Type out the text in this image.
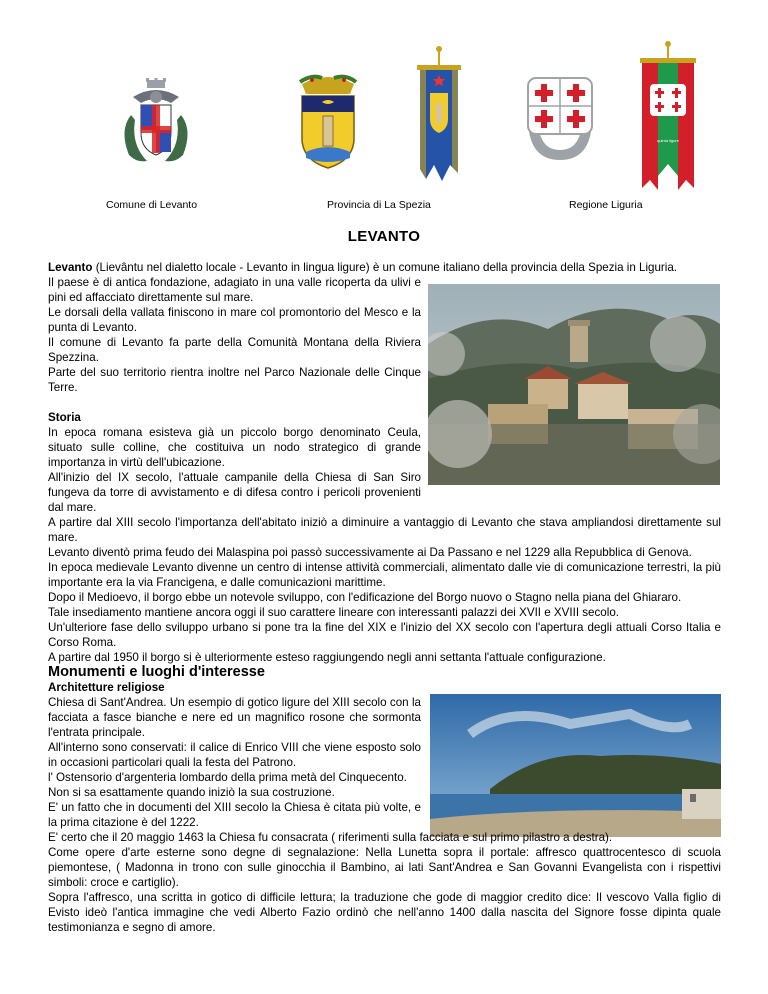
quinta ligure
Comune di Levanto	Provincia di La Spezia	Regione Liguria
LEVANTO

Levanto (Lievântu nel dialetto locale - Levanto in lingua ligure) è un comune italiano della provincia della Spezia in Liguria.

Il paese è di antica fondazione, adagiato in una valle ricoperta da ulivi e pini ed affacciato direttamente sul mare.

Le dorsali della vallata finiscono in mare col promontorio del Mesco e la punta di Levanto.

Il comune di Levanto fa parte della Comunità Montana della Riviera Spezzina.

Parte del suo territorio rientra inoltre nel Parco Nazionale delle Cinque Terre.

Storia

In epoca romana esisteva già un piccolo borgo denominato Ceula, situato sulle colline, che costituiva un nodo strategico di grande importanza in virtù dell'ubicazione.

All'inizio del IX secolo, l'attuale campanile della Chiesa di San Siro fungeva da torre di avvistamento e di difesa contro i pericoli provenienti dal mare.

A partire dal XIII secolo l'importanza dell'abitato iniziò a diminuire a vantaggio di Levanto che stava ampliandosi direttamente sul mare.

Levanto diventò prima feudo dei Malaspina poi passò successivamente ai Da Passano e nel 1229 alla Repubblica di Genova.

In epoca medievale Levanto divenne un centro di intense attività commerciali, alimentato dalle vie di comunicazione terrestri, la più importante era la via Francigena, e dalle comunicazioni marittime.

Dopo il Medioevo, il borgo ebbe un notevole sviluppo, con l'edificazione del Borgo nuovo o Stagno nella piana del Ghiararo.

Tale insediamento mantiene ancora oggi il suo carattere lineare con interessanti palazzi dei XVII e XVIII secolo.

Un'ulteriore fase dello sviluppo urbano si pone tra la fine del XIX e l'inizio del XX secolo con l'apertura degli attuali Corso Italia e Corso Roma.

A partire dal 1950 il borgo si è ulteriormente esteso raggiungendo negli anni settanta l'attuale configurazione.

Monumenti e luoghi d'interesse

Architetture religiose

Chiesa di Sant'Andrea. Un esempio di gotico ligure del XIII secolo con la facciata a fasce bianche e nere ed un magnifico rosone che sormonta l'entrata principale.

All'interno sono conservati: il calice di Enrico VIII che viene esposto solo in occasioni particolari quali la festa del Patrono.

l' Ostensorio d'argenteria lombardo della prima metà del Cinquecento.

Non si sa esattamente quando iniziò la sua costruzione.

E' un fatto che in documenti del XIII secolo la Chiesa è citata più volte, e la prima citazione è del 1222.

E' certo che il 20 maggio 1463 la Chiesa fu consacrata ( riferimenti sulla facciata e sul primo pilastro a destra).

Come opere d'arte esterne sono degne di segnalazione: Nella Lunetta sopra il portale: affresco quattrocentesco di scuola piemontese, ( Madonna in trono con sulle ginocchia il Bambino, ai lati Sant'Andrea e San Govanni Evangelista con i rispettivi simboli: croce e cartiglio).

Sopra l'affresco, una scritta in gotico di difficile lettura; la traduzione che gode di maggior credito dice: Il vescovo Valla figlio di Evisto ideò l'antica immagine che vedi Alberto Fazio ordinò che nell'anno 1400 dalla nascita del Signore fosse dipinta quale testimonianza e segno di amore.
